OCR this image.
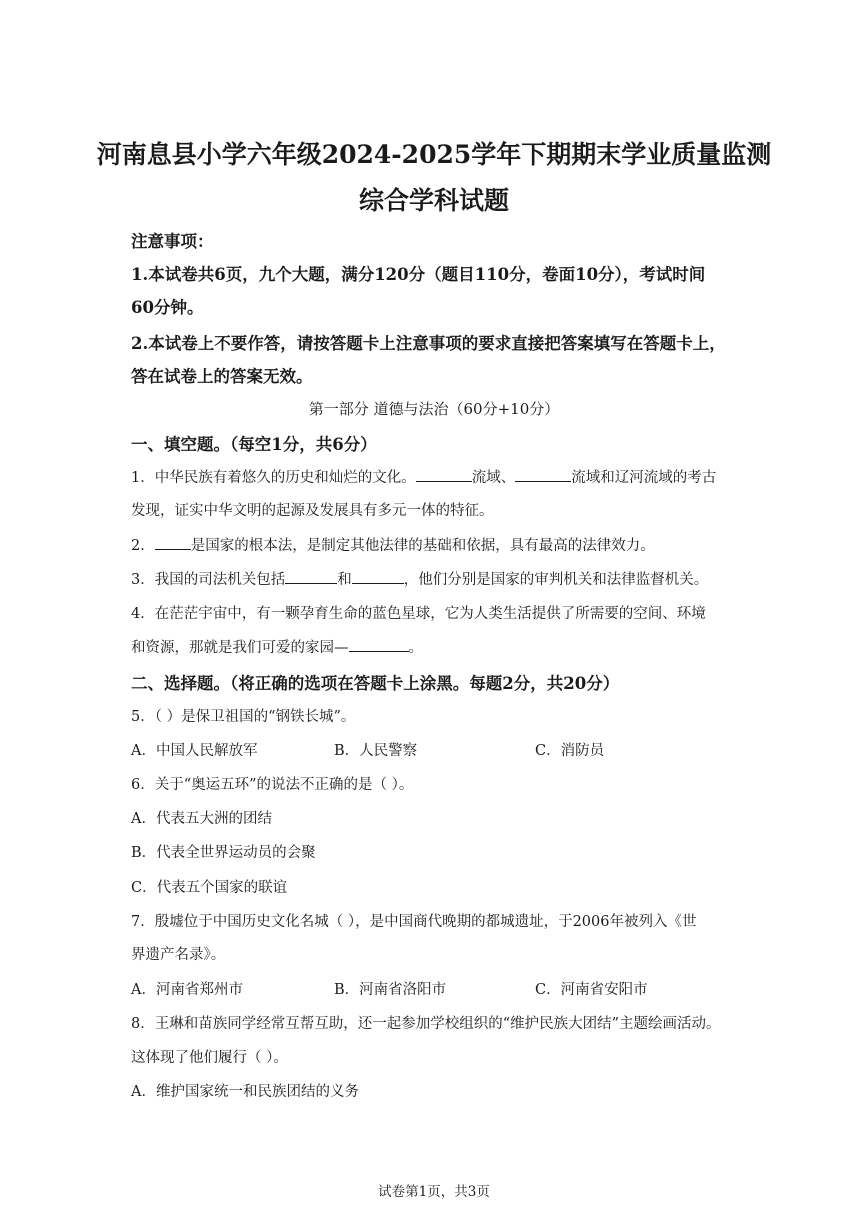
河南息县小学六年级2024-2025学年下期期末学业质量监测
综合学科试题
注意事项：
1.本试卷共6页，九个大题，满分120分（题目110分，卷面10分），考试时间
60分钟。
2.本试卷上不要作答，请按答题卡上注意事项的要求直接把答案填写在答题卡上，
答在试卷上的答案无效。
第一部分 道德与法治（60分+10分）
一、填空题。（每空1分，共6分）
1．中华民族有着悠久的历史和灿烂的文化。	流域、	流域和辽河流域的考古
发现，证实中华文明的起源及发展具有多元一体的特征。
2． 是国家的根本法，是制定其他法律的基础和依据，具有最高的法律效力。
3．我国的司法机关包括	和	，他们分别是国家的审判机关和法律监督机关。
4．在茫茫宇宙中，有一颗孕育生命的蓝色星球，它为人类生活提供了所需要的空间、环境
和资源，那就是我们可爱的家园—	。
二、选择题。（将正确的选项在答题卡上涂黑。每题2分，共20分）
5．（ ）是保卫祖国的“钢铁长城”。
A．中国人民解放军	B．人民警察	C．消防员
6．关于“奥运五环”的说法不正确的是（ ）。
A．代表五大洲的团结
B．代表全世界运动员的会聚
C．代表五个国家的联谊
7．殷墟位于中国历史文化名城（ ），是中国商代晚期的都城遗址，于2006年被列入《世
界遗产名录》。
A．河南省郑州市	B．河南省洛阳市	C．河南省安阳市
8．王琳和苗族同学经常互帮互助，还一起参加学校组织的“维护民族大团结”主题绘画活动。
这体现了他们履行（ ）。
A．维护国家统一和民族团结的义务
试卷第1页，共3页
